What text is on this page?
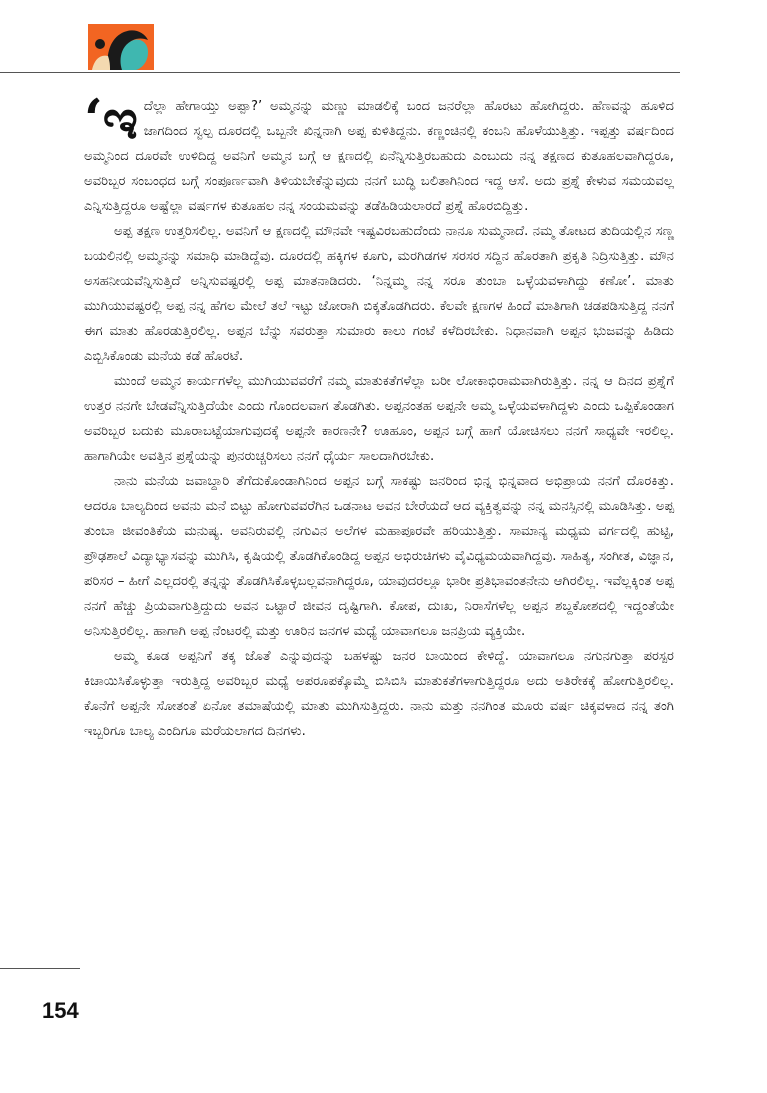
‘ಇದೆಲ್ಲಾ ಹೇಗಾಯ್ತು ಅಪ್ಪಾ?’ ಅಮ್ಮನನ್ನು ಮಣ್ಣು ಮಾಡಲಿಕ್ಕೆ ಬಂದ ಜನರೆಲ್ಲಾ ಹೊರಟು ಹೋಗಿದ್ದರು. ಹೆಣವನ್ನು ಹೂಳಿದ ಜಾಗದಿಂದ ಸ್ವಲ್ಪ ದೂರದಲ್ಲಿ ಒಬ್ಬನೇ ಖಿನ್ನನಾಗಿ ಅಪ್ಪ ಕುಳಿತಿದ್ದನು. ಕಣ್ಣಂಚಿನಲ್ಲಿ ಕಂಬನಿ ಹೊಳೆಯುತ್ತಿತ್ತು. ಇಪ್ಪತ್ತು ವರ್ಷದಿಂದ ಅಮ್ಮನಿಂದ ದೂರವೇ ಉಳಿದಿದ್ದ ಅವನಿಗೆ ಅಮ್ಮನ ಬಗ್ಗೆ ಆ ಕ್ಷಣದಲ್ಲಿ ಏನೆನ್ನಿಸುತ್ತಿರಬಹುದು ಎಂಬುದು ನನ್ನ ತಕ್ಷಣದ ಕುತೂಹಲವಾಗಿದ್ದರೂ, ಅವರಿಬ್ಬರ ಸಂಬಂಧದ ಬಗ್ಗೆ ಸಂಪೂರ್ಣವಾಗಿ ತಿಳಿಯಬೇಕೆನ್ನುವುದು ನನಗೆ ಬುದ್ಧಿ ಬಲಿತಾಗಿನಿಂದ ಇದ್ದ ಆಸೆ. ಅದು ಪ್ರಶ್ನೆ ಕೇಳುವ ಸಮಯವಲ್ಲ ಎನ್ನಿಸುತ್ತಿದ್ದರೂ ಅಷ್ಟೆಲ್ಲಾ ವರ್ಷಗಳ ಕುತೂಹಲ ನನ್ನ ಸಂಯಮವನ್ನು ತಡೆಹಿಡಿಯಲಾರದೆ ಪ್ರಶ್ನೆ ಹೊರಬಿದ್ದಿತ್ತು.

ಅಪ್ಪ ತಕ್ಷಣ ಉತ್ತರಿಸಲಿಲ್ಲ. ಅವನಿಗೆ ಆ ಕ್ಷಣದಲ್ಲಿ ಮೌನವೇ ಇಷ್ಟವಿರಬಹುದೆಂದು ನಾನೂ ಸುಮ್ಮನಾದೆ. ನಮ್ಮ ತೋಟದ ತುದಿಯಲ್ಲಿನ ಸಣ್ಣ ಬಯಲಿನಲ್ಲಿ ಅಮ್ಮನನ್ನು ಸಮಾಧಿ ಮಾಡಿದ್ದೆವು. ದೂರದಲ್ಲಿ ಹಕ್ಕಿಗಳ ಕೂಗು, ಮರಗಿಡಗಳ ಸರಸರ ಸದ್ದಿನ ಹೊರತಾಗಿ ಪ್ರಕೃತಿ ನಿದ್ರಿಸುತ್ತಿತ್ತು. ಮೌನ ಅಸಹನೀಯವೆನ್ನಿಸುತ್ತಿದೆ ಅನ್ನಿಸುವಷ್ಟರಲ್ಲಿ ಅಪ್ಪ ಮಾತನಾಡಿದರು. ‘ನಿನ್ನಮ್ಮ ನನ್ನ ಸರೂ ತುಂಬಾ ಒಳ್ಳೆಯವಳಾಗಿದ್ದು ಕಣೋ’. ಮಾತು ಮುಗಿಯುವಷ್ಟರಲ್ಲಿ ಅಪ್ಪ ನನ್ನ ಹೆಗಲ ಮೇಲೆ ತಲೆ ಇಟ್ಟು ಜೋರಾಗಿ ಬಿಕ್ಕತೊಡಗಿದರು. ಕೆಲವೇ ಕ್ಷಣಗಳ ಹಿಂದೆ ಮಾತಿಗಾಗಿ ಚಡಪಡಿಸುತ್ತಿದ್ದ ನನಗೆ ಈಗ ಮಾತು ಹೊರಡುತ್ತಿರಲಿಲ್ಲ. ಅಪ್ಪನ ಬೆನ್ನು ಸವರುತ್ತಾ ಸುಮಾರು ಕಾಲು ಗಂಟೆ ಕಳೆದಿರಬೇಕು. ನಿಧಾನವಾಗಿ ಅಪ್ಪನ ಭುಜವನ್ನು ಹಿಡಿದು ಎಬ್ಬಿಸಿಕೊಂಡು ಮನೆಯ ಕಡೆ ಹೊರಟೆ.

ಮುಂದೆ ಅಮ್ಮನ ಕಾರ್ಯಗಳೆಲ್ಲ ಮುಗಿಯುವವರೆಗೆ ನಮ್ಮ ಮಾತುಕತೆಗಳೆಲ್ಲಾ ಬರೀ ಲೋಕಾಭಿರಾಮವಾಗಿರುತ್ತಿತ್ತು. ನನ್ನ ಆ ದಿನದ ಪ್ರಶ್ನೆಗೆ ಉತ್ತರ ನನಗೇ ಬೇಡವೆನ್ನಿಸುತ್ತಿದೆಯೇ ಎಂದು ಗೊಂದಲವಾಗ ತೊಡಗಿತು. ಅಪ್ಪನಂತಹ ಅಪ್ಪನೇ ಅಮ್ಮ ಒಳ್ಳೆಯವಳಾಗಿದ್ದಳು ಎಂದು ಒಪ್ಪಿಕೊಂಡಾಗ ಅವರಿಬ್ಬರ ಬದುಕು ಮೂರಾಬಟ್ಟೆಯಾಗುವುದಕ್ಕೆ ಅಪ್ಪನೇ ಕಾರಣನೇ? ಊಹೂಂ, ಅಪ್ಪನ ಬಗ್ಗೆ ಹಾಗೆ ಯೋಚಿಸಲು ನನಗೆ ಸಾಧ್ಯವೇ ಇರಲಿಲ್ಲ. ಹಾಗಾಗಿಯೇ ಅವತ್ತಿನ ಪ್ರಶ್ನೆಯನ್ನು ಪುನರುಚ್ಚರಿಸಲು ನನಗೆ ಧೈರ್ಯ ಸಾಲದಾಗಿರಬೇಕು.

ನಾನು ಮನೆಯ ಜವಾಬ್ದಾರಿ ತೆಗೆದುಕೊಂಡಾಗಿನಿಂದ ಅಪ್ಪನ ಬಗ್ಗೆ ಸಾಕಷ್ಟು ಜನರಿಂದ ಭಿನ್ನ ಭಿನ್ನವಾದ ಅಭಿಪ್ರಾಯ ನನಗೆ ದೊರಕಿತ್ತು. ಆದರೂ ಬಾಲ್ಯದಿಂದ ಅವನು ಮನೆ ಬಿಟ್ಟು ಹೋಗುವವರೆಗಿನ ಒಡನಾಟ ಅವನ ಬೇರೆಯದೆ ಆದ ವ್ಯಕ್ತಿತ್ವವನ್ನು ನನ್ನ ಮನಸ್ಸಿನಲ್ಲಿ ಮೂಡಿಸಿತ್ತು. ಅಪ್ಪ ತುಂಬಾ ಜೀವಂತಿಕೆಯ ಮನುಷ್ಯ. ಅವನಿರುವಲ್ಲಿ ನಗುವಿನ ಅಲೆಗಳ ಮಹಾಪೂರವೇ ಹರಿಯುತ್ತಿತ್ತು. ಸಾಮಾನ್ಯ ಮಧ್ಯಮ ವರ್ಗದಲ್ಲಿ ಹುಟ್ಟಿ, ಪ್ರೌಢಶಾಲೆ ವಿದ್ಯಾಭ್ಯಾಸವನ್ನು ಮುಗಿಸಿ, ಕೃಷಿಯಲ್ಲಿ ತೊಡಗಿಕೊಂಡಿದ್ದ ಅಪ್ಪನ ಅಭಿರುಚಿಗಳು ವೈವಿಧ್ಯಮಯವಾಗಿದ್ದವು. ಸಾಹಿತ್ಯ, ಸಂಗೀತ, ವಿಜ್ಞಾನ, ಪರಿಸರ – ಹೀಗೆ ಎಲ್ಲದರಲ್ಲಿ ತನ್ನನ್ನು ತೊಡಗಿಸಿಕೊಳ್ಳಬಲ್ಲವನಾಗಿದ್ದರೂ, ಯಾವುದರಲ್ಲೂ ಭಾರೀ ಪ್ರತಿಭಾವಂತನೇನು ಆಗಿರಲಿಲ್ಲ. ಇವೆಲ್ಲಕ್ಕಿಂತ ಅಪ್ಪ ನನಗೆ ಹೆಚ್ಚು ಪ್ರಿಯವಾಗುತ್ತಿದ್ದುದು ಅವನ ಒಟ್ಟಾರೆ ಜೀವನ ದೃಷ್ಟಿಗಾಗಿ. ಕೋಪ, ದುಃಖ, ನಿರಾಸೆಗಳೆಲ್ಲ ಅಪ್ಪನ ಶಬ್ದಕೋಶದಲ್ಲಿ ಇದ್ದಂತೆಯೇ ಅನಿಸುತ್ತಿರಲಿಲ್ಲ. ಹಾಗಾಗಿ ಅಪ್ಪ ನೆಂಟರಲ್ಲಿ ಮತ್ತು ಊರಿನ ಜನಗಳ ಮಧ್ಯೆ ಯಾವಾಗಲೂ ಜನಪ್ರಿಯ ವ್ಯಕ್ತಿಯೇ.

ಅಮ್ಮ ಕೂಡ ಅಪ್ಪನಿಗೆ ತಕ್ಕ ಜೊತೆ ಎನ್ನುವುದನ್ನು ಬಹಳಷ್ಟು ಜನರ ಬಾಯಿಂದ ಕೇಳಿದ್ದೆ. ಯಾವಾಗಲೂ ನಗುನಗುತ್ತಾ ಪರಸ್ಪರ ಕಿಚಾಯಿಸಿಕೊಳ್ಳುತ್ತಾ ಇರುತ್ತಿದ್ದ ಅವರಿಬ್ಬರ ಮಧ್ಯೆ ಅಪರೂಪಕ್ಕೊಮ್ಮೆ ಬಿಸಿಬಿಸಿ ಮಾತುಕತೆಗಳಾಗುತ್ತಿದ್ದರೂ ಅದು ಅತಿರೇಕಕ್ಕೆ ಹೋಗುತ್ತಿರಲಿಲ್ಲ. ಕೊನೆಗೆ ಅಪ್ಪನೇ ಸೋತಂತೆ ಏನೋ ತಮಾಷೆಯಲ್ಲಿ ಮಾತು ಮುಗಿಸುತ್ತಿದ್ದರು. ನಾನು ಮತ್ತು ನನಗಿಂತ ಮೂರು ವರ್ಷ ಚಿಕ್ಕವಳಾದ ನನ್ನ ತಂಗಿ ಇಬ್ಬರಿಗೂ ಬಾಲ್ಯ ಎಂದಿಗೂ ಮರೆಯಲಾಗದ ದಿನಗಳು.

154
